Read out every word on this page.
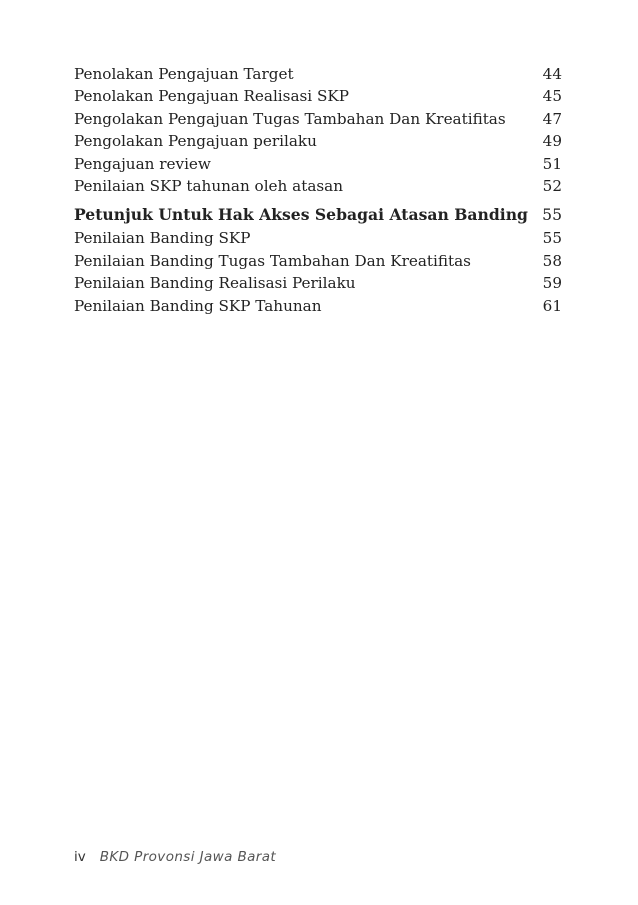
Penolakan Pengajuan Target	44
Penolakan Pengajuan Realisasi SKP	45
Pengolakan Pengajuan Tugas Tambahan Dan Kreatifitas 47
Pengolakan Pengajuan perilaku	49
Pengajuan review	51
Penilaian SKP tahunan oleh atasan	52
Petunjuk Untuk Hak Akses Sebagai Atasan Banding 55
Penilaian Banding SKP	55
Penilaian Banding Tugas Tambahan Dan Kreatifitas	58
Penilaian Banding Realisasi Perilaku	59
Penilaian Banding SKP Tahunan	61
iv BKD Provonsi Jawa Barat
